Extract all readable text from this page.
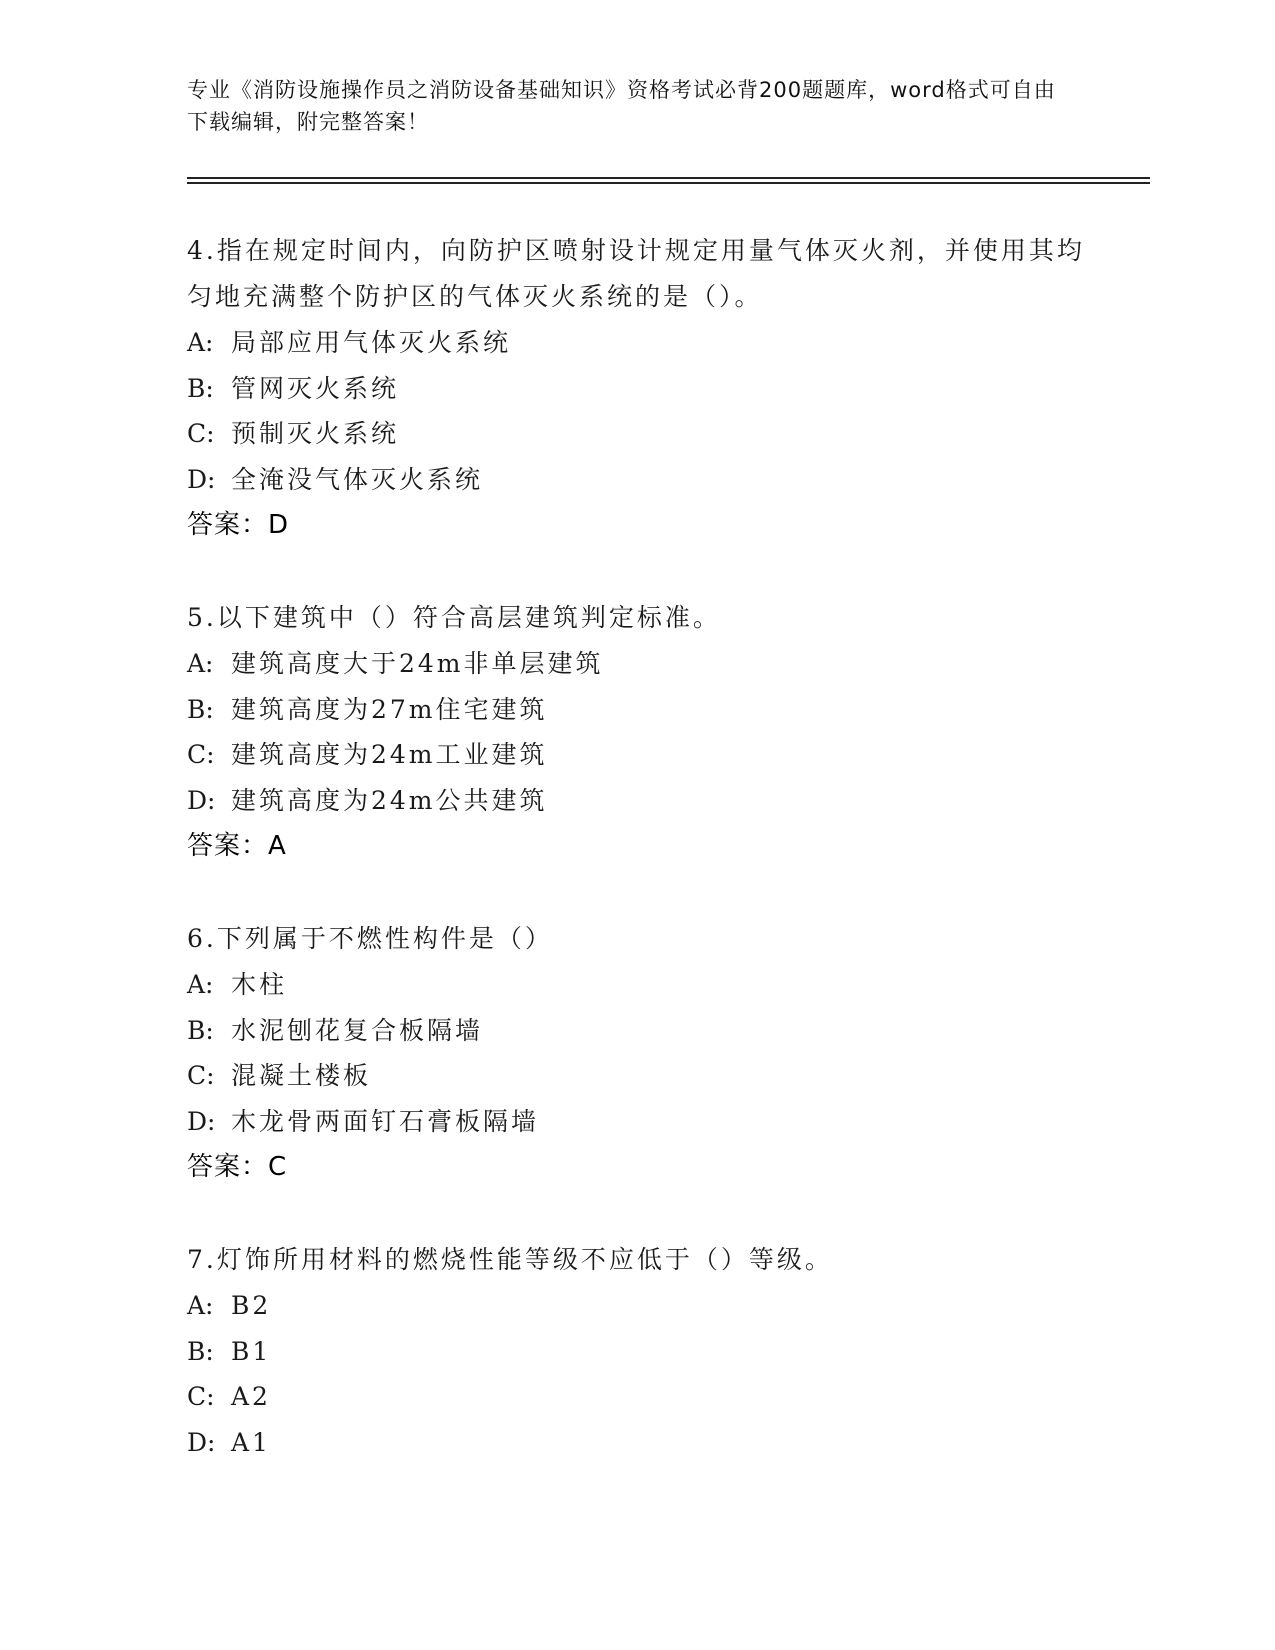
专业《消防设施操作员之消防设备基础知识》资格考试必背200题题库，word格式可自由下载编辑，附完整答案！
4.指在规定时间内，向防护区喷射设计规定用量气体灭火剂，并使用其均匀地充满整个防护区的气体灭火系统的是（）。
A: 局部应用气体灭火系统
B: 管网灭火系统
C: 预制灭火系统
D: 全淹没气体灭火系统
答案：D
5.以下建筑中（）符合高层建筑判定标准。
A: 建筑高度大于24m非单层建筑
B: 建筑高度为27m住宅建筑
C: 建筑高度为24m工业建筑
D: 建筑高度为24m公共建筑
答案：A
6.下列属于不燃性构件是（）
A: 木柱
B: 水泥刨花复合板隔墙
C: 混凝土楼板
D: 木龙骨两面钉石膏板隔墙
答案：C
7.灯饰所用材料的燃烧性能等级不应低于（）等级。
A: B2
B: B1
C: A2
D: A1
